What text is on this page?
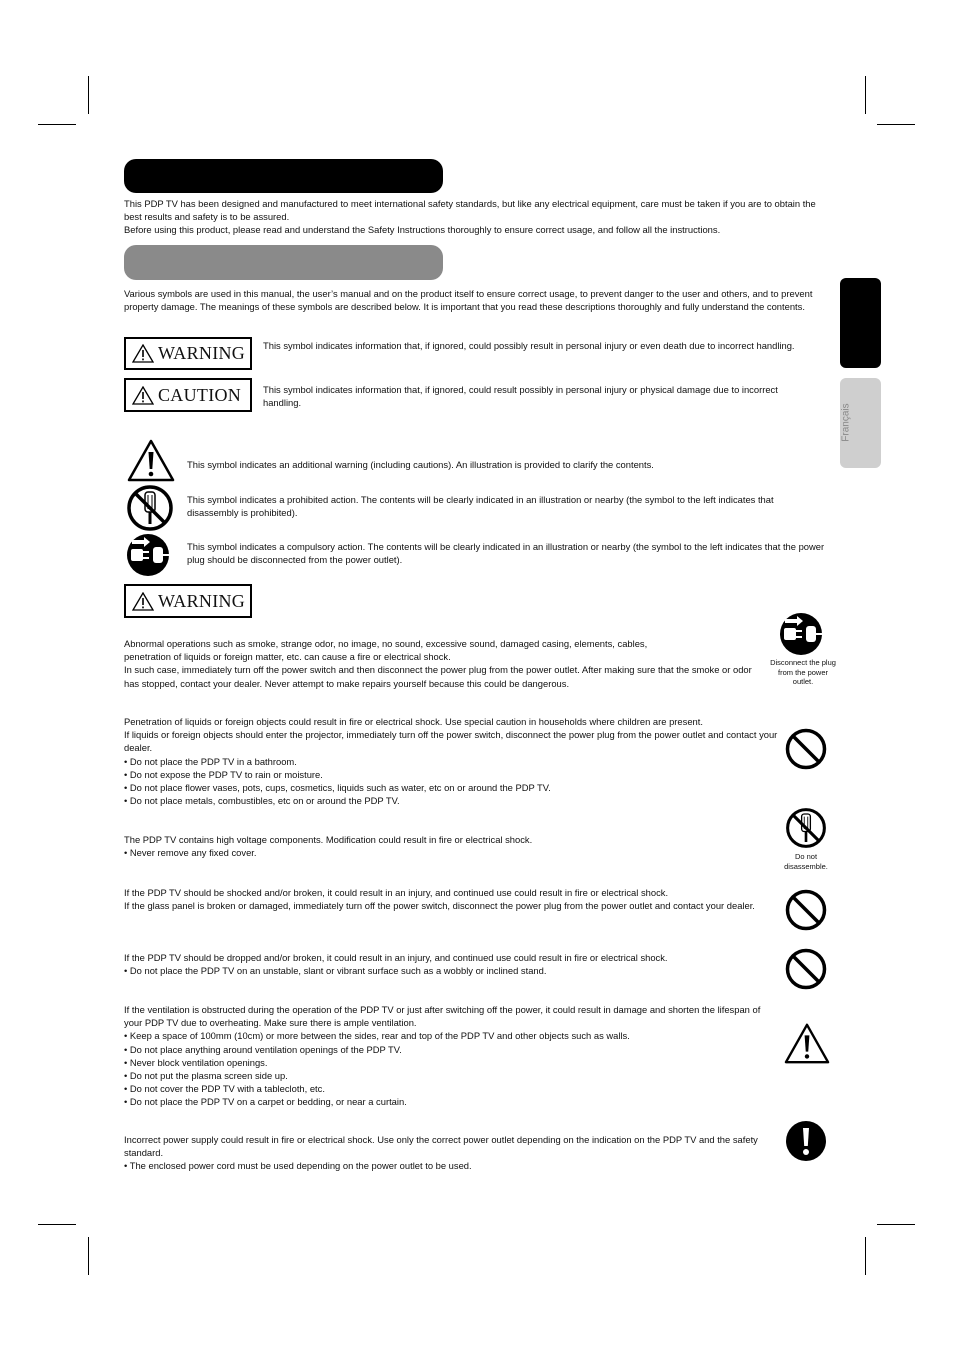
Français

This PDP TV has been designed and manufactured to meet international safety standards, but like any electrical equipment, care must be taken if you are to obtain the best results and safety is to be assured.

Before using this product, please read and understand the Safety Instructions thoroughly to ensure correct usage, and follow all the instructions.

Various symbols are used in this manual, the user’s manual and on the product itself to ensure correct usage, to prevent danger to the user and others, and to prevent property damage. The meanings of these symbols are described below. It is important that you read these descriptions thoroughly and fully understand the contents.
WARNING This symbol indicates information that, if ignored, could possibly result in personal injury or even death due to incorrect handling.
CAUTION This symbol indicates information that, if ignored, could result possibly in personal injury or physical damage due to incorrect handling.
This symbol indicates an additional warning (including cautions). An illustration is provided to clarify the contents.
This symbol indicates a prohibited action. The contents will be clearly indicated in an illustration or nearby (the symbol to the left indicates that disassembly is prohibited).
This symbol indicates a compulsory action. The contents will be clearly indicated in an illustration or nearby (the symbol to the left indicates that the power plug should be disconnected from the power outlet).
WARNING

Abnormal operations such as smoke, strange odor, no image, no sound, excessive sound, damaged casing, elements, cables,

penetration of liquids or foreign matter, etc. can cause a fire or electrical shock.

In such case, immediately turn off the power switch and then disconnect the power plug from the power outlet. After making sure that the smoke or odor has stopped, contact your dealer. Never attempt to make repairs yourself because this could be dangerous.

Disconnect the plug from the power outlet.

Penetration of liquids or foreign objects could result in fire or electrical shock. Use special caution in households where children are present.

If liquids or foreign objects should enter the projector, immediately turn off the power switch, disconnect the power plug from the power outlet and contact your dealer.

• Do not place the PDP TV in a bathroom.

• Do not expose the PDP TV to rain or moisture.

• Do not place flower vases, pots, cups, cosmetics, liquids such as water, etc on or around the PDP TV.

• Do not place metals, combustibles, etc on or around the PDP TV.

The PDP TV contains high voltage components. Modification could result in fire or electrical shock.

• Never remove any fixed cover.	Do not disassemble.

If the PDP TV should be shocked and/or broken, it could result in an injury, and continued use could result in fire or electrical shock.

If the glass panel is broken or damaged, immediately turn off the power switch, disconnect the power plug from the power outlet and contact your dealer.

If the PDP TV should be dropped and/or broken, it could result in an injury, and continued use could result in fire or electrical shock.

• Do not place the PDP TV on an unstable, slant or vibrant surface such as a wobbly or inclined stand.

If the ventilation is obstructed during the operation of the PDP TV or just after switching off the power, it could result in damage and shorten the lifespan of your PDP TV due to overheating. Make sure there is ample ventilation.

• Keep a space of 100mm (10cm) or more between the sides, rear and top of the PDP TV and other objects such as walls.

• Do not place anything around ventilation openings of the PDP TV.

• Never block ventilation openings.

• Do not put the plasma screen side up.

• Do not cover the PDP TV with a tablecloth, etc.

• Do not place the PDP TV on a carpet or bedding, or near a curtain.

Incorrect power supply could result in fire or electrical shock. Use only the correct power outlet depending on the indication on the PDP TV and the safety standard.

• The enclosed power cord must be used depending on the power outlet to be used.
